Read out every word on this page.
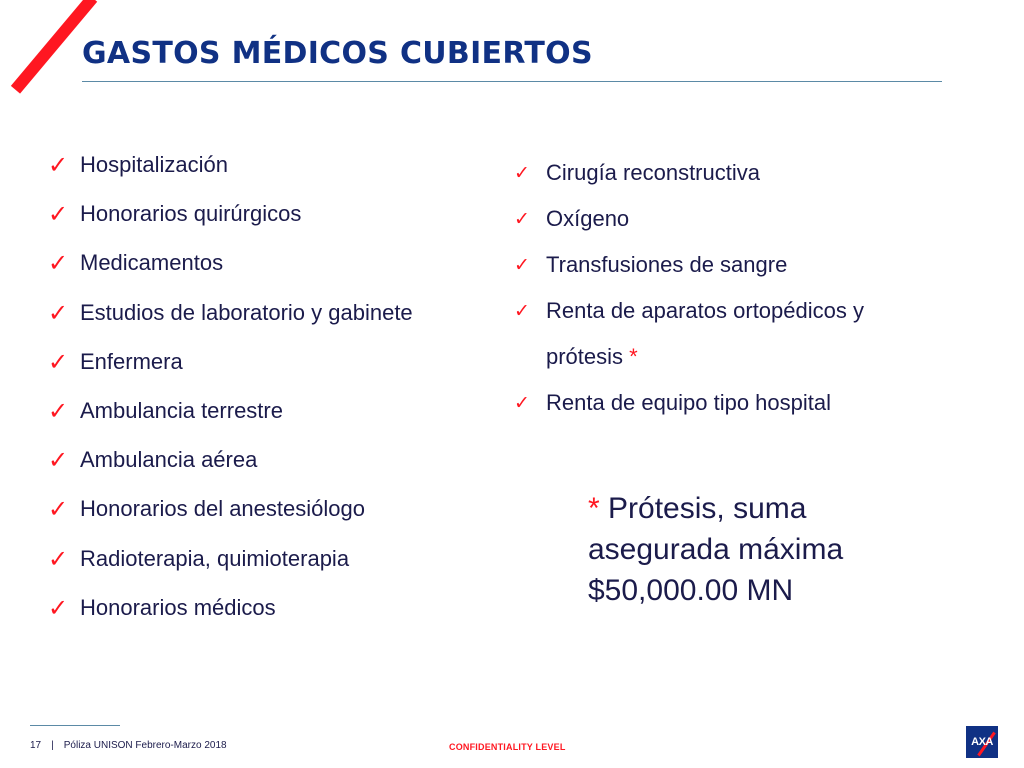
GASTOS MÉDICOS CUBIERTOS
✓ Hospitalización
✓ Honorarios quirúrgicos
✓ Medicamentos
✓ Estudios de laboratorio y gabinete
✓ Enfermera
✓ Ambulancia terrestre
✓ Ambulancia aérea
✓ Honorarios del anestesiólogo
✓ Radioterapia, quimioterapia
✓ Honorarios médicos
✓ Cirugía reconstructiva
✓ Oxígeno
✓ Transfusiones de sangre
✓ Renta de aparatos ortopédicos y prótesis *
✓ Renta de equipo tipo hospital
* Prótesis, suma asegurada máxima $50,000.00 MN
17 | Póliza UNISON Febrero-Marzo 2018	CONFIDENTIALITY LEVEL	AXA
